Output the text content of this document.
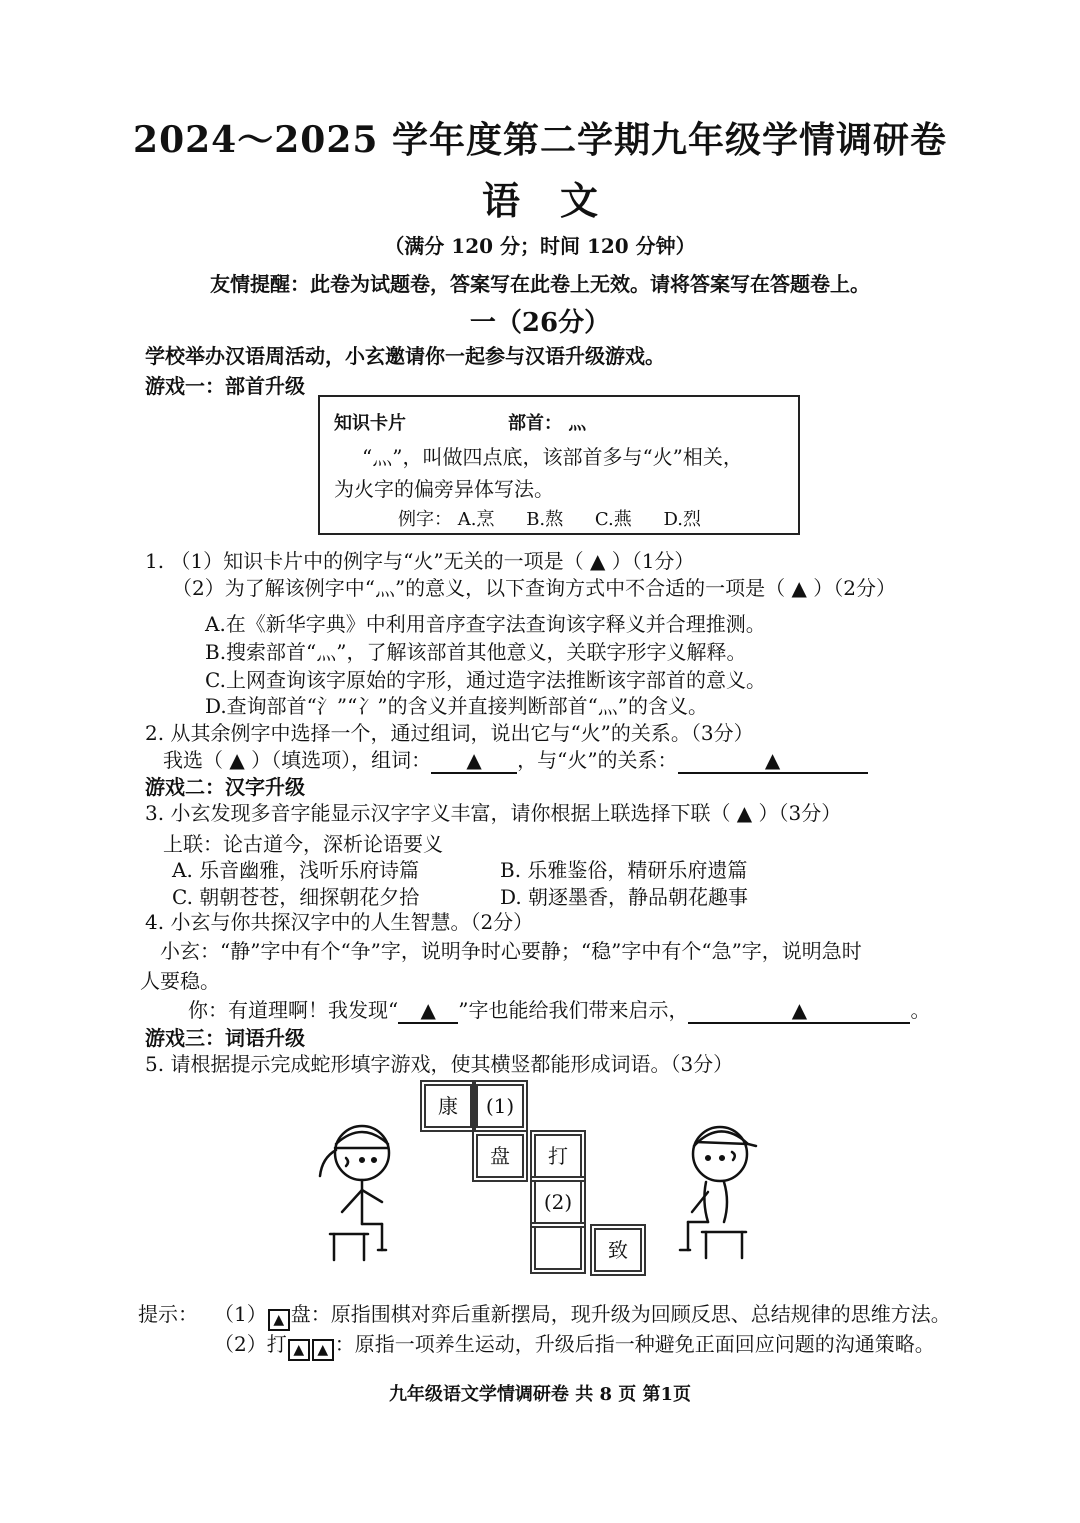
2024～2025 学年度第二学期九年级学情调研卷
语文
（满分 120 分；时间 120 分钟）
友情提醒：此卷为试题卷，答案写在此卷上无效。请将答案写在答题卷上。
一（26分）
学校举办汉语周活动，小玄邀请你一起参与汉语升级游戏。
游戏一：部首升级
知识卡片	部首： 灬
“灬”，叫做四点底，该部首多与“火”相关，
为火字的偏旁异体写法。
例字： A.烹 B.熬 C.燕 D.烈
1. （1）知识卡片中的例字与“火”无关的一项是（ ▲ ）（1分）
（2）为了解该例字中“灬”的意义，以下查询方式中不合适的一项是（ ▲ ）（2分）
A.在《新华字典》中利用音序查字法查询该字释义并合理推测。
B.搜索部首“灬”，了解该部首其他意义，关联字形字义解释。
C.上网查询该字原始的字形，通过造字法推断该字部首的意义。
D.查询部首“氵”“冫”的含义并直接判断部首“灬”的含义。
2. 从其余例字中选择一个，通过组词，说出它与“火”的关系。（3分）
我选（ ▲ ）（填选项），组词： ▲ ，与“火”的关系：	▲
游戏二：汉字升级
3. 小玄发现多音字能显示汉字字义丰富，请你根据上联选择下联（ ▲ ）（3分）
上联：论古道今，深析论语要义
A. 乐音幽雅，浅听乐府诗篇	B. 乐雅鉴俗，精研乐府遗篇
C. 朝朝苍苍，细探朝花夕拾	D. 朝逐墨香，静品朝花趣事
4. 小玄与你共探汉字中的人生智慧。（2分）
小玄：“静”字中有个“争”字，说明争时心要静；“稳”字中有个“急”字，说明急时
人要稳。
你：有道理啊！我发现“ ▲ ”字也能给我们带来启示，	▲	。
游戏三：词语升级
5. 请根据提示完成蛇形填字游戏，使其横竖都能形成词语。（3分）
康	(1)
盘	打
(2)
致
提示： （1） ▲ 盘：原指围棋对弈后重新摆局，现升级为回顾反思、总结规律的思维方法。
（2）打 ▲ ▲ ：原指一项养生运动，升级后指一种避免正面回应问题的沟通策略。
九年级语文学情调研卷 共 8 页 第1页
